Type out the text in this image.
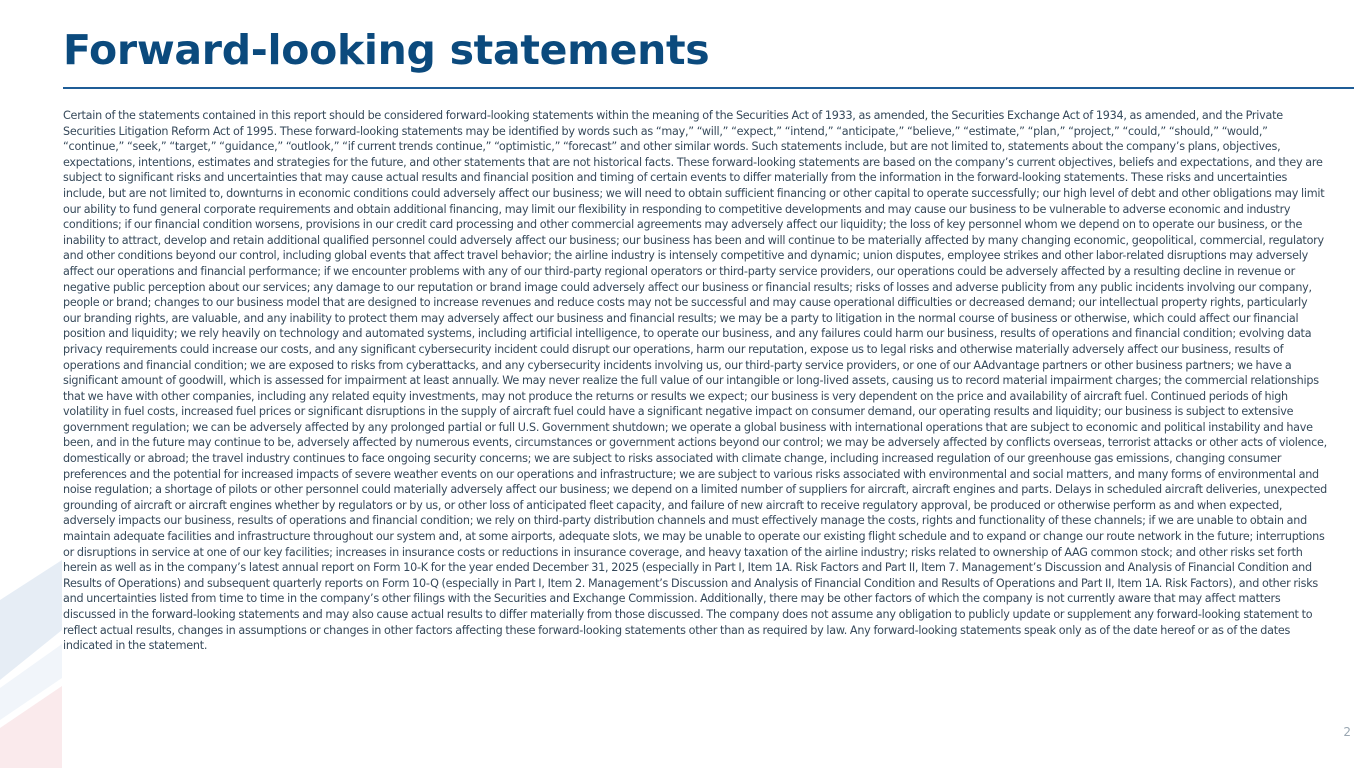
Forward-looking statements

Certain of the statements contained in this report should be considered forward-looking statements within the meaning of the Securities Act of 1933, as amended, the Securities Exchange Act of 1934, as amended, and the Private Securities Litigation Reform Act of 1995. These forward-looking statements may be identified by words such as “may,” “will,” “expect,” “intend,” “anticipate,” “believe,” “estimate,” “plan,” “project,” “could,” “should,” “would,” “continue,” “seek,” “target,” “guidance,” “outlook,” “if current trends continue,” “optimistic,” “forecast” and other similar words. Such statements include, but are not limited to, statements about the company’s plans, objectives, expectations, intentions, estimates and strategies for the future, and other statements that are not historical facts. These forward-looking statements are based on the company’s current objectives, beliefs and expectations, and they are subject to significant risks and uncertainties that may cause actual results and financial position and timing of certain events to differ materially from the information in the forward-looking statements. These risks and uncertainties include, but are not limited to, downturns in economic conditions could adversely affect our business; we will need to obtain sufficient financing or other capital to operate successfully; our high level of debt and other obligations may limit our ability to fund general corporate requirements and obtain additional financing, may limit our flexibility in responding to competitive developments and may cause our business to be vulnerable to adverse economic and industry conditions; if our financial condition worsens, provisions in our credit card processing and other commercial agreements may adversely affect our liquidity; the loss of key personnel whom we depend on to operate our business, or the inability to attract, develop and retain additional qualified personnel could adversely affect our business; our business has been and will continue to be materially affected by many changing economic, geopolitical, commercial, regulatory and other conditions beyond our control, including global events that affect travel behavior; the airline industry is intensely competitive and dynamic; union disputes, employee strikes and other labor-related disruptions may adversely affect our operations and financial performance; if we encounter problems with any of our third-party regional operators or third-party service providers, our operations could be adversely affected by a resulting decline in revenue or negative public perception about our services; any damage to our reputation or brand image could adversely affect our business or financial results; risks of losses and adverse publicity from any public incidents involving our company, people or brand; changes to our business model that are designed to increase revenues and reduce costs may not be successful and may cause operational difficulties or decreased demand; our intellectual property rights, particularly our branding rights, are valuable, and any inability to protect them may adversely affect our business and financial results; we may be a party to litigation in the normal course of business or otherwise, which could affect our financial position and liquidity; we rely heavily on technology and automated systems, including artificial intelligence, to operate our business, and any failures could harm our business, results of operations and financial condition; evolving data privacy requirements could increase our costs, and any significant cybersecurity incident could disrupt our operations, harm our reputation, expose us to legal risks and otherwise materially adversely affect our business, results of operations and financial condition; we are exposed to risks from cyberattacks, and any cybersecurity incidents involving us, our third-party service providers, or one of our AAdvantage partners or other business partners; we have a significant amount of goodwill, which is assessed for impairment at least annually. We may never realize the full value of our intangible or long-lived assets, causing us to record material impairment charges; the commercial relationships that we have with other companies, including any related equity investments, may not produce the returns or results we expect; our business is very dependent on the price and availability of aircraft fuel. Continued periods of high volatility in fuel costs, increased fuel prices or significant disruptions in the supply of aircraft fuel could have a significant negative impact on consumer demand, our operating results and liquidity; our business is subject to extensive government regulation; we can be adversely affected by any prolonged partial or full U.S. Government shutdown; we operate a global business with international operations that are subject to economic and political instability and have been, and in the future may continue to be, adversely affected by numerous events, circumstances or government actions beyond our control; we may be adversely affected by conflicts overseas, terrorist attacks or other acts of violence, domestically or abroad; the travel industry continues to face ongoing security concerns; we are subject to risks associated with climate change, including increased regulation of our greenhouse gas emissions, changing consumer preferences and the potential for increased impacts of severe weather events on our operations and infrastructure; we are subject to various risks associated with environmental and social matters, and many forms of environmental and noise regulation; a shortage of pilots or other personnel could materially adversely affect our business; we depend on a limited number of suppliers for aircraft, aircraft engines and parts. Delays in scheduled aircraft deliveries, unexpected grounding of aircraft or aircraft engines whether by regulators or by us, or other loss of anticipated fleet capacity, and failure of new aircraft to receive regulatory approval, be produced or otherwise perform as and when expected, adversely impacts our business, results of operations and financial condition; we rely on third-party distribution channels and must effectively manage the costs, rights and functionality of these channels; if we are unable to obtain and maintain adequate facilities and infrastructure throughout our system and, at some airports, adequate slots, we may be unable to operate our existing flight schedule and to expand or change our route network in the future; interruptions or disruptions in service at one of our key facilities; increases in insurance costs or reductions in insurance coverage, and heavy taxation of the airline industry; risks related to ownership of AAG common stock; and other risks set forth herein as well as in the company’s latest annual report on Form 10-K for the year ended December 31, 2025 (especially in Part I, Item 1A. Risk Factors and Part II, Item 7. Management’s Discussion and Analysis of Financial Condition and Results of Operations) and subsequent quarterly reports on Form 10-Q (especially in Part I, Item 2. Management’s Discussion and Analysis of Financial Condition and Results of Operations and Part II, Item 1A. Risk Factors), and other risks and uncertainties listed from time to time in the company’s other filings with the Securities and Exchange Commission. Additionally, there may be other factors of which the company is not currently aware that may affect matters discussed in the forward-looking statements and may also cause actual results to differ materially from those discussed. The company does not assume any obligation to publicly update or supplement any forward-looking statement to reflect actual results, changes in assumptions or changes in other factors affecting these forward-looking statements other than as required by law. Any forward-looking statements speak only as of the date hereof or as of the dates indicated in the statement.

2
